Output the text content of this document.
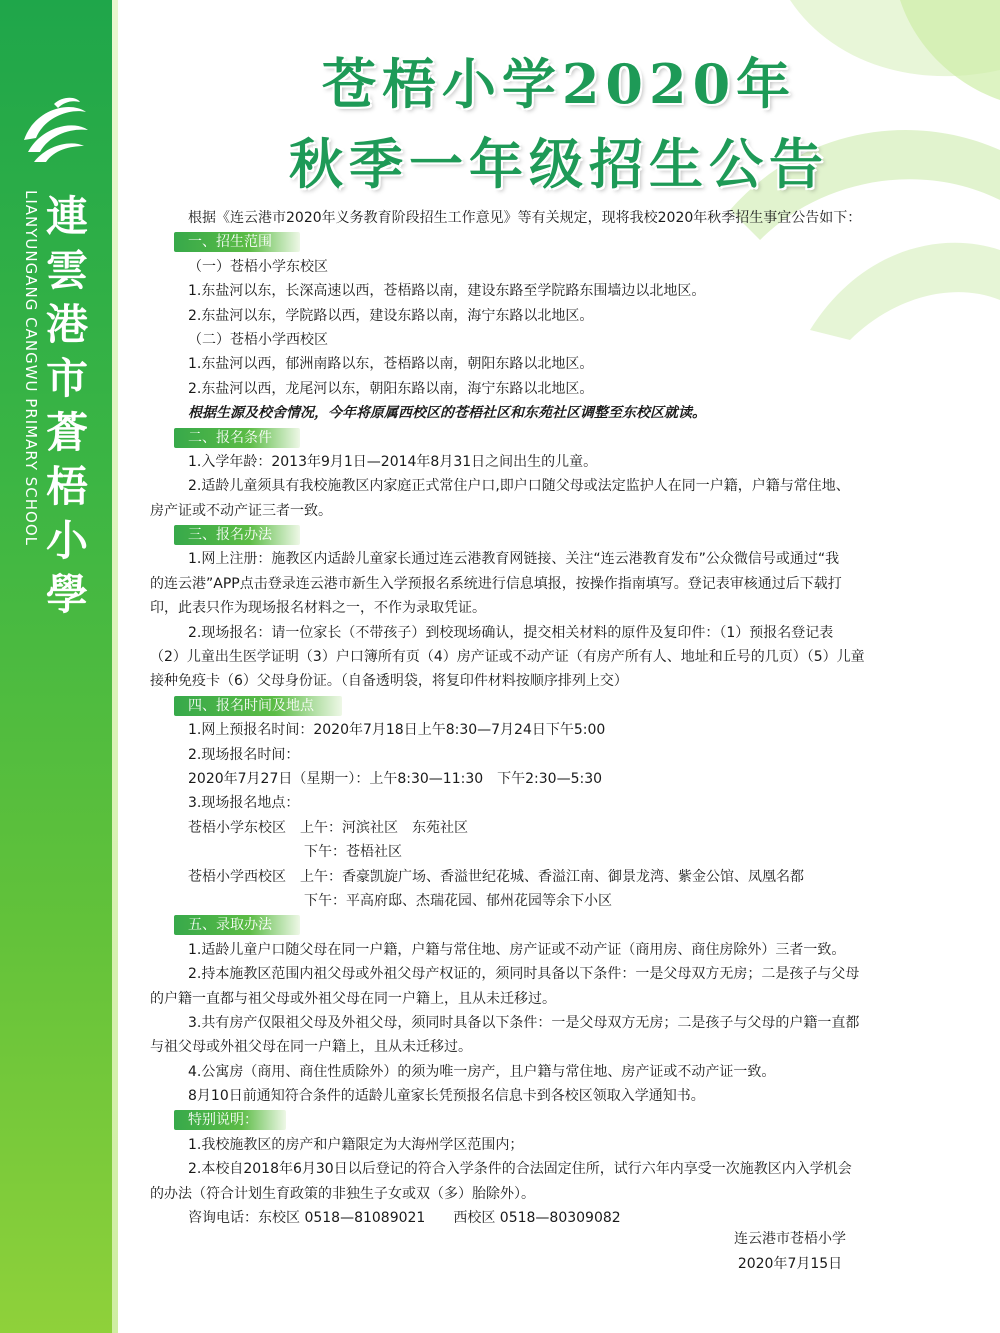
LIANYUNGANG CANGWU PRIMARY SCHOOL 連
雲
港
市
蒼
梧
小
學
苍梧小学2020年
秋季一年级招生公告
根据《连云港市2020年义务教育阶段招生工作意见》等有关规定，现将我校2020年秋季招生事宜公告如下：
一、招生范围
（一）苍梧小学东校区
1.东盐河以东，长深高速以西，苍梧路以南，建设东路至学院路东围墙边以北地区。
2.东盐河以东，学院路以西，建设东路以南，海宁东路以北地区。
（二）苍梧小学西校区
1.东盐河以西，郁洲南路以东，苍梧路以南，朝阳东路以北地区。
2.东盐河以西，龙尾河以东，朝阳东路以南，海宁东路以北地区。
根据生源及校舍情况，今年将原属西校区的苍梧社区和东苑社区调整至东校区就读。
二、报名条件
1.入学年龄：2013年9月1日—2014年8月31日之间出生的儿童。
2.适龄儿童须具有我校施教区内家庭正式常住户口,即户口随父母或法定监护人在同一户籍，户籍与常住地、
房产证或不动产证三者一致。
三、报名办法
1.网上注册：施教区内适龄儿童家长通过连云港教育网链接、关注“连云港教育发布”公众微信号或通过“我
的连云港”APP点击登录连云港市新生入学预报名系统进行信息填报，按操作指南填写。登记表审核通过后下载打
印，此表只作为现场报名材料之一，不作为录取凭证。
2.现场报名：请一位家长（不带孩子）到校现场确认，提交相关材料的原件及复印件：（1）预报名登记表
（2）儿童出生医学证明（3）户口簿所有页（4）房产证或不动产证（有房产所有人、地址和丘号的几页）（5）儿童
接种免疫卡（6）父母身份证。（自备透明袋，将复印件材料按顺序排列上交）
四、报名时间及地点
1.网上预报名时间：2020年7月18日上午8:30—7月24日下午5:00
2.现场报名时间：
2020年7月27日（星期一）：上午8:30—11:30　下午2:30—5:30
3.现场报名地点：
苍梧小学东校区　上午：河滨社区　东苑社区
下午：苍梧社区
苍梧小学西校区　上午：香豪凯旋广场、香溢世纪花城、香溢江南、御景龙湾、紫金公馆、凤凰名都
下午：平高府邸、杰瑞花园、郁州花园等余下小区
五、录取办法
1.适龄儿童户口随父母在同一户籍，户籍与常住地、房产证或不动产证（商用房、商住房除外）三者一致。
2.持本施教区范围内祖父母或外祖父母产权证的，须同时具备以下条件：一是父母双方无房；二是孩子与父母
的户籍一直都与祖父母或外祖父母在同一户籍上，且从未迁移过。
3.共有房产仅限祖父母及外祖父母，须同时具备以下条件：一是父母双方无房；二是孩子与父母的户籍一直都
与祖父母或外祖父母在同一户籍上，且从未迁移过。
4.公寓房（商用、商住性质除外）的须为唯一房产，且户籍与常住地、房产证或不动产证一致。
8月10日前通知符合条件的适龄儿童家长凭预报名信息卡到各校区领取入学通知书。
特别说明：
1.我校施教区的房产和户籍限定为大海州学区范围内；
2.本校自2018年6月30日以后登记的符合入学条件的合法固定住所，试行六年内享受一次施教区内入学机会
的办法（符合计划生育政策的非独生子女或双（多）胎除外）。
咨询电话：东校区 0518—81089021　　西校区 0518—80309082
连云港市苍梧小学
2020年7月15日
